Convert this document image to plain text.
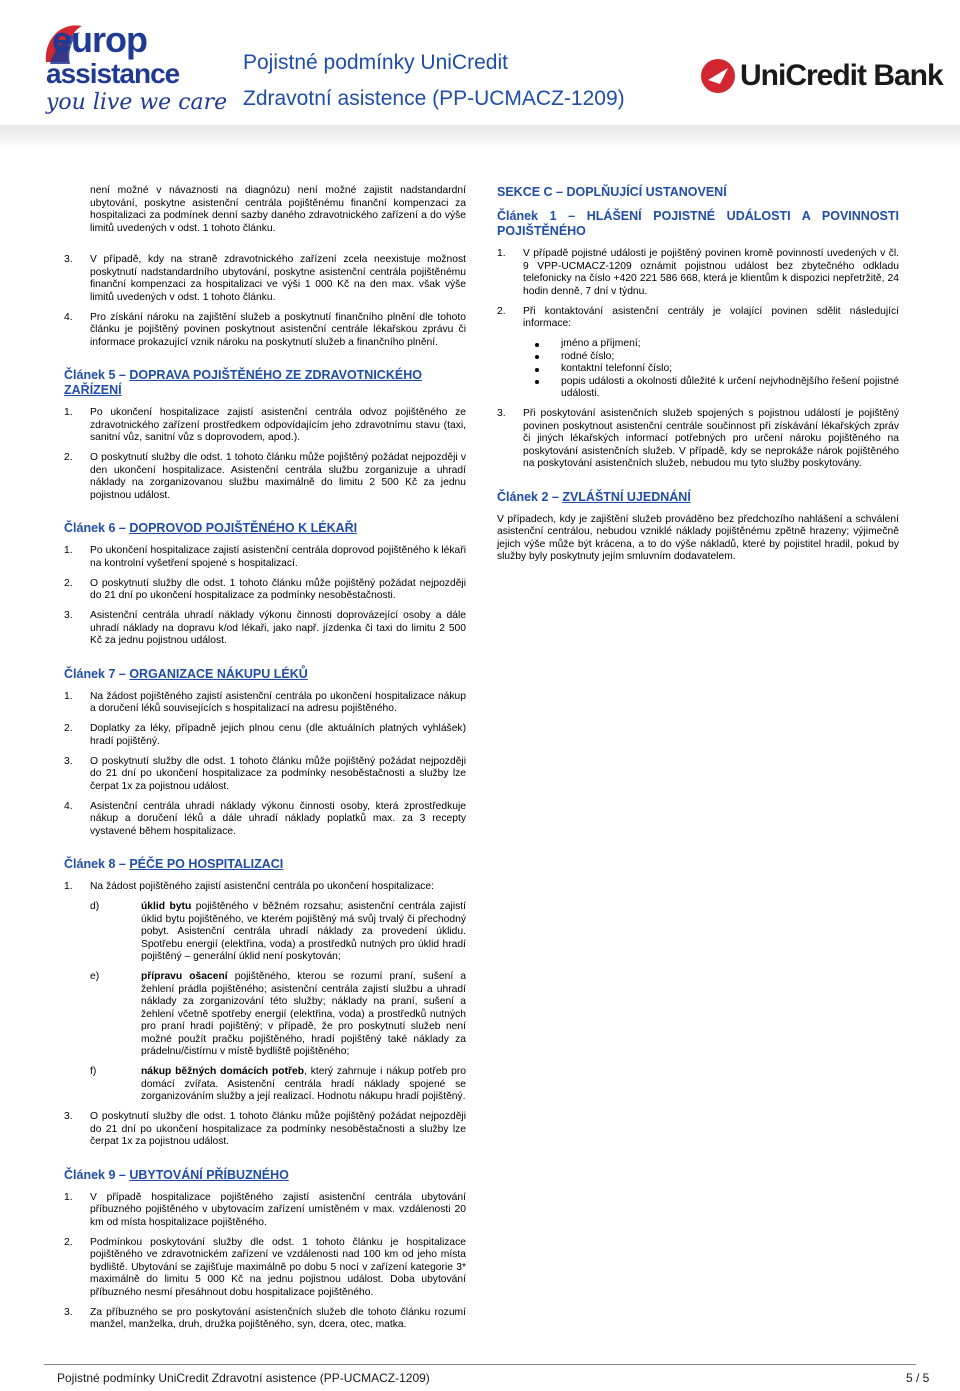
europ
assistance
you live we care
Pojistné podmínky UniCredit
Zdravotní asistence (PP-UCMACZ-1209)
UniCredit Bank

není možné v návaznosti na diagnózu) není možné zajistit nadstandardní ubytování, poskytne asistenční centrála pojištěnému finanční kompenzaci za hospitalizaci za podmínek denní sazby daného zdravotnického zařízení a do výše limitů uvedených v odst. 1 tohoto článku.

3. V případě, kdy na straně zdravotnického zařízení zcela neexistuje možnost poskytnutí nadstandardního ubytování, poskytne asistenční centrála pojištěnému finanční kompenzaci za hospitalizaci ve výši 1 000 Kč na den max. však výše limitů uvedených v odst. 1 tohoto článku.

4. Pro získání nároku na zajištění služeb a poskytnutí finančního plnění dle tohoto článku je pojištěný povinen poskytnout asistenční centrále lékařskou zprávu či informace prokazující vznik nároku na poskytnutí služeb a finančního plnění.

Článek 5 – DOPRAVA POJIŠTĚNÉHO ZE ZDRAVOTNICKÉHO ZAŘÍZENÍ

1. Po ukončení hospitalizace zajistí asistenční centrála odvoz pojištěného ze zdravotnického zařízení prostředkem odpovídajícím jeho zdravotnímu stavu (taxi, sanitní vůz, sanitní vůz s doprovodem, apod.).

2. O poskytnutí služby dle odst. 1 tohoto článku může pojištěný požádat nejpozději v den ukončení hospitalizace. Asistenční centrála službu zorganizuje a uhradí náklady na zorganizovanou službu maximálně do limitu 2 500 Kč za jednu pojistnou událost.

Článek 6 – DOPROVOD POJIŠTĚNÉHO K LÉKAŘI

1. Po ukončení hospitalizace zajistí asistenční centrála doprovod pojištěného k lékaři na kontrolní vyšetření spojené s hospitalizací.

2. O poskytnutí služby dle odst. 1 tohoto článku může pojištěný požádat nejpozději do 21 dní po ukončení hospitalizace za podmínky nesoběstačnosti.

3. Asistenční centrála uhradí náklady výkonu činnosti doprovázející osoby a dále uhradí náklady na dopravu k/od lékaři, jako např. jízdenka či taxi do limitu 2 500 Kč za jednu pojistnou událost.

Článek 7 – ORGANIZACE NÁKUPU LÉKŮ

1. Na žádost pojištěného zajistí asistenční centrála po ukončení hospitalizace nákup a doručení léků souvisejících s hospitalizací na adresu pojištěného.

2. Doplatky za léky, případně jejich plnou cenu (dle aktuálních platných vyhlášek) hradí pojištěný.

3. O poskytnutí služby dle odst. 1 tohoto článku může pojištěný požádat nejpozději do 21 dní po ukončení hospitalizace za podmínky nesoběstačnosti a služby lze čerpat 1x za pojistnou událost.

4. Asistenční centrála uhradí náklady výkonu činnosti osoby, která zprostředkuje nákup a doručení léků a dále uhradí náklady poplatků max. za 3 recepty vystavené během hospitalizace.

Článek 8 – PÉČE PO HOSPITALIZACI

1. Na žádost pojištěného zajistí asistenční centrála po ukončení hospitalizace:

d)	úklid bytu pojištěného v běžném rozsahu; asistenční centrála zajistí úklid bytu pojištěného, ve kterém pojištěný má svůj trvalý či přechodný pobyt. Asistenční centrála uhradí náklady za provedení úklidu. Spotřebu energií (elektřina, voda) a prostředků nutných pro úklid hradí pojištěný – generální úklid není poskytován;

e)	přípravu ošacení pojištěného, kterou se rozumí praní, sušení a žehlení prádla pojištěného; asistenční centrála zajistí službu a uhradí náklady za zorganizování této služby; náklady na praní, sušení a žehlení včetně spotřeby energií (elektřina, voda) a prostředků nutných pro praní hradí pojištěný; v případě, že pro poskytnutí služeb není možné použít pračku pojištěného, hradí pojištěný také náklady za prádelnu/čistírnu v místě bydliště pojištěného;

f)	nákup běžných domácích potřeb, který zahrnuje i nákup potřeb pro domácí zvířata. Asistenční centrála hradí náklady spojené se zorganizováním služby a její realizací. Hodnotu nákupu hradí pojištěný.

3. O poskytnutí služby dle odst. 1 tohoto článku může pojištěný požádat nejpozději do 21 dní po ukončení hospitalizace za podmínky nesoběstačnosti a služby lze čerpat 1x za pojistnou událost.

Článek 9 – UBYTOVÁNÍ PŘÍBUZNÉHO

1. V případě hospitalizace pojištěného zajistí asistenční centrála ubytování příbuzného pojištěného v ubytovacím zařízení umístěném v max. vzdálenosti 20 km od místa hospitalizace pojištěného.

2. Podmínkou poskytování služby dle odst. 1 tohoto článku je hospitalizace pojištěného ve zdravotnickém zařízení ve vzdálenosti nad 100 km od jeho místa bydliště. Ubytování se zajišťuje maximálně po dobu 5 nocí v zařízení kategorie 3* maximálně do limitu 5 000 Kč na jednu pojistnou událost. Doba ubytování příbuzného nesmí přesáhnout dobu hospitalizace pojištěného.

3. Za příbuzného se pro poskytování asistenčních služeb dle tohoto článku rozumí manžel, manželka, druh, družka pojištěného, syn, dcera, otec, matka.

SEKCE C – DOPLŇUJÍCÍ USTANOVENÍ

Článek 1 – HLÁŠENÍ POJISTNÉ UDÁLOSTI A POVINNOSTI POJIŠTĚNÉHO

1. V případě pojistné události je pojištěný povinen kromě povinností uvedených v čl. 9 VPP-UCMACZ-1209 oznámit pojistnou událost bez zbytečného odkladu telefonicky na číslo +420 221 586 668, která je klientům k dispozici nepřetržitě, 24 hodin denně, 7 dní v týdnu.

2. Při kontaktování asistenční centrály je volající povinen sdělit následující informace:

jméno a příjmení;
rodné číslo;
kontaktní telefonní číslo;
popis události a okolnosti důležité k určení nejvhodnějšího řešení pojistné události.

3. Při poskytování asistenčních služeb spojených s pojistnou událostí je pojištěný povinen poskytnout asistenční centrále součinnost při získávání lékařských zpráv či jiných lékařských informací potřebných pro určení nároku pojištěného na poskytování asistenčních služeb. V případě, kdy se neprokáže nárok pojištěného na poskytování asistenčních služeb, nebudou mu tyto služby poskytovány.

Článek 2 – ZVLÁŠTNÍ UJEDNÁNÍ

V případech, kdy je zajištění služeb prováděno bez předchozího nahlášení a schválení asistenční centrálou, nebudou vzniklé náklady pojištěnému zpětně hrazeny; výjimečně jejich výše může být krácena, a to do výše nákladů, které by pojistitel hradil, pokud by služby byly poskytnuty jejím smluvním dodavatelem.

Pojistné podmínky UniCredit Zdravotní asistence (PP-UCMACZ-1209)	5 / 5
